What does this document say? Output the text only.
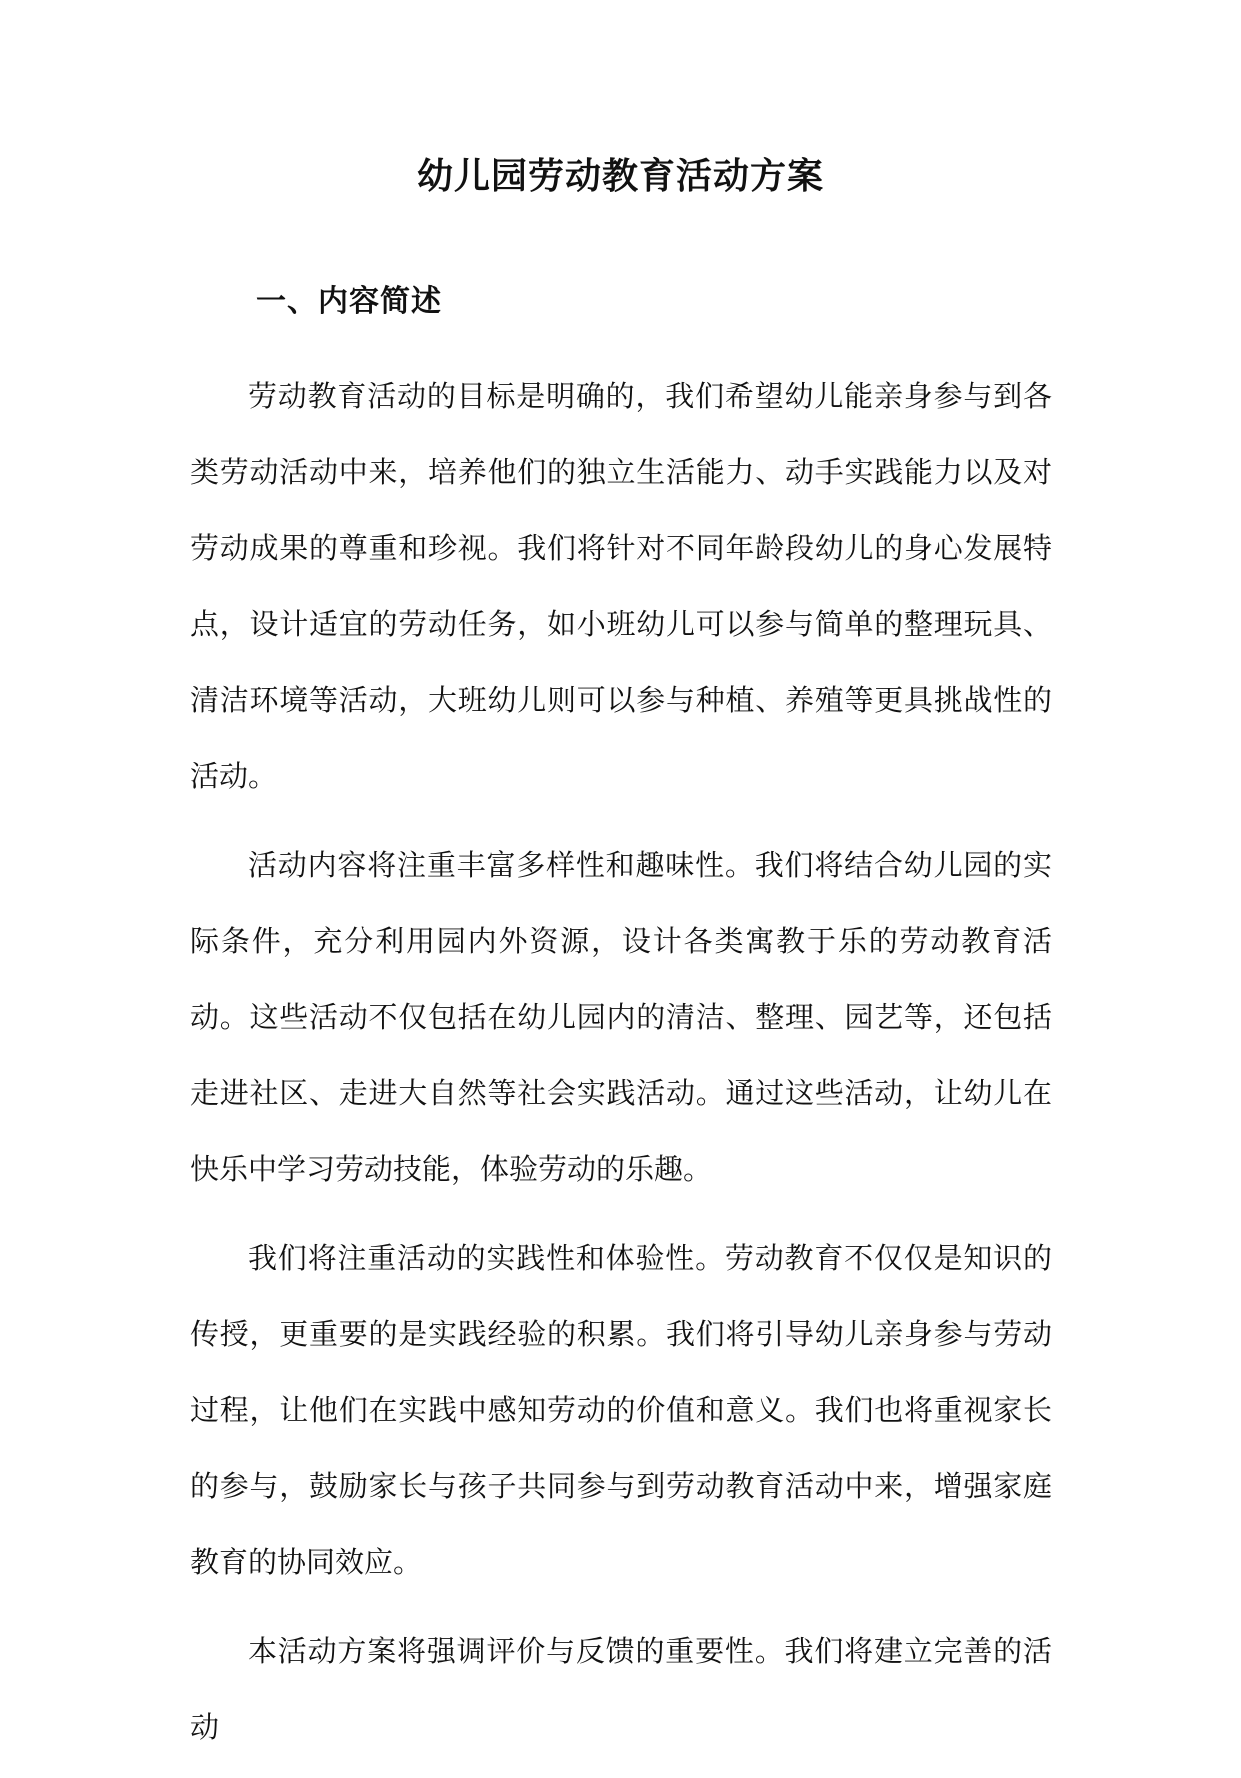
幼儿园劳动教育活动方案
一、内容简述

劳动教育活动的目标是明确的，我们希望幼儿能亲身参与到各类劳动活动中来，培养他们的独立生活能力、动手实践能力以及对劳动成果的尊重和珍视。我们将针对不同年龄段幼儿的身心发展特点，设计适宜的劳动任务，如小班幼儿可以参与简单的整理玩具、清洁环境等活动，大班幼儿则可以参与种植、养殖等更具挑战性的活动。

活动内容将注重丰富多样性和趣味性。我们将结合幼儿园的实际条件，充分利用园内外资源，设计各类寓教于乐的劳动教育活动。这些活动不仅包括在幼儿园内的清洁、整理、园艺等，还包括走进社区、走进大自然等社会实践活动。通过这些活动，让幼儿在快乐中学习劳动技能，体验劳动的乐趣。

我们将注重活动的实践性和体验性。劳动教育不仅仅是知识的传授，更重要的是实践经验的积累。我们将引导幼儿亲身参与劳动过程，让他们在实践中感知劳动的价值和意义。我们也将重视家长的参与，鼓励家长与孩子共同参与到劳动教育活动中来，增强家庭教育的协同效应。

本活动方案将强调评价与反馈的重要性。我们将建立完善的活动
